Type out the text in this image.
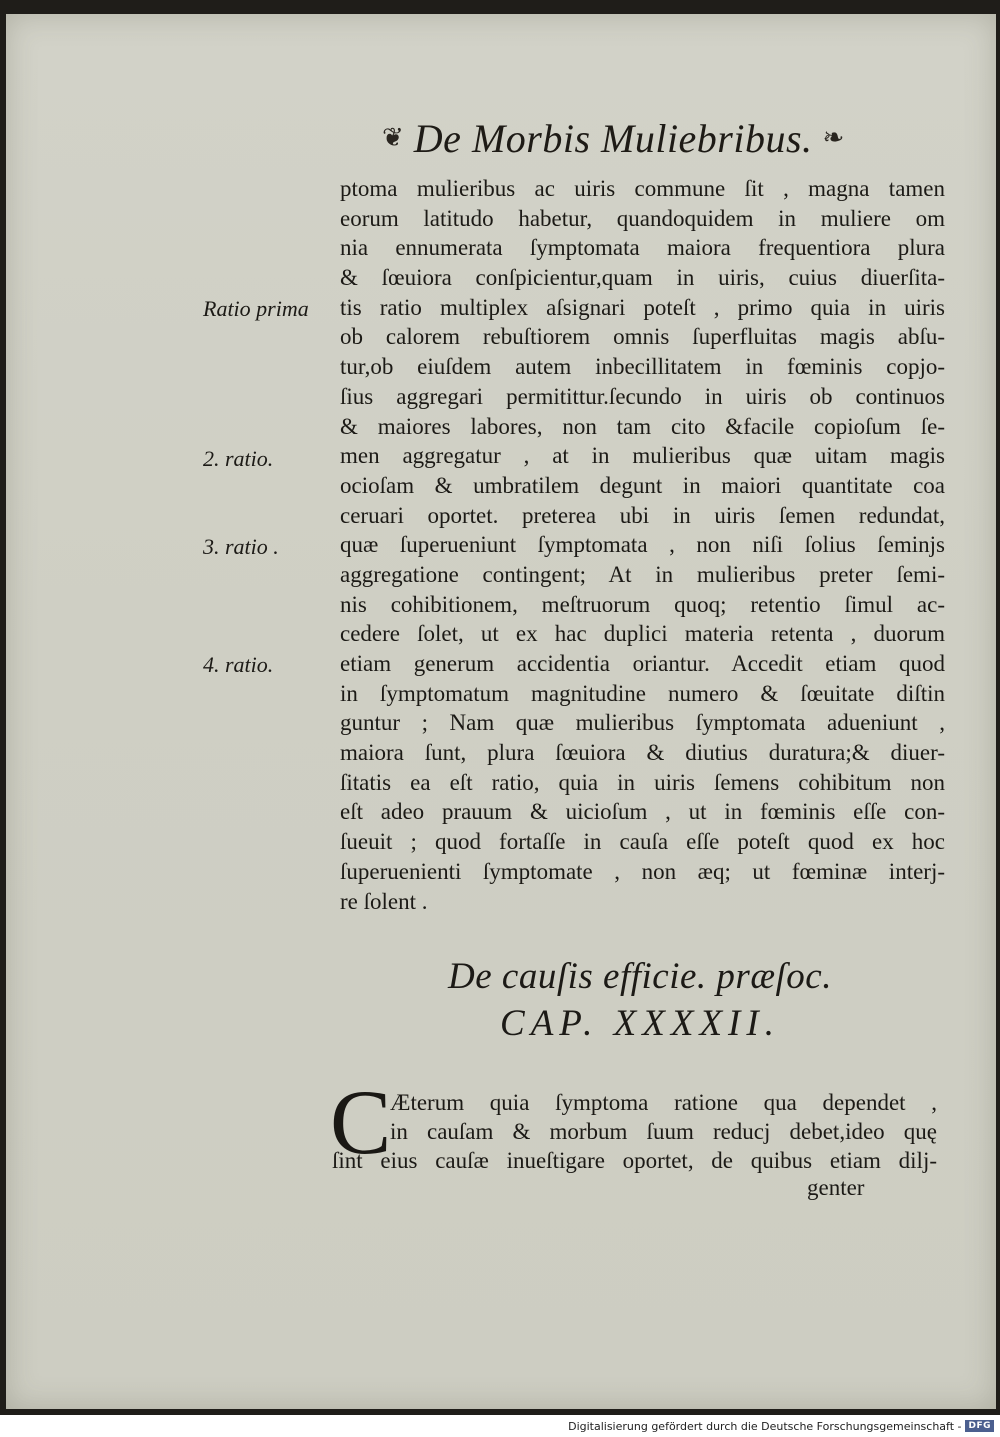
❦ De Morbis Muliebribus. ❧
ptoma mulieribus ac uiris commune ſit , magna tamen
eorum latitudo habetur, quandoquidem in muliere om
nia ennumerata ſymptomata maiora frequentiora plura
& ſœuiora conſpicientur,quam in uiris, cuius diuerſita-
tis ratio multiplex aſsignari poteſt , primo quia in uiris
ob calorem rebuſtiorem omnis ſuperfluitas magis abſu-
tur,ob eiuſdem autem inbecillitatem in fœminis copjo-
ſius aggregari permitittur.ſecundo in uiris ob continuos
& maiores labores, non tam cito &facile copioſum ſe-
men aggregatur , at in mulieribus quæ uitam magis
ocioſam & umbratilem degunt in maiori quantitate coa
ceruari oportet. preterea ubi in uiris ſemen redundat,
quæ ſuperueniunt ſymptomata , non niſi ſolius ſeminjs
aggregatione contingent; At in mulieribus preter ſemi-
nis cohibitionem, meſtruorum quoq; retentio ſimul ac-
cedere ſolet, ut ex hac duplici materia retenta , duorum
etiam generum accidentia oriantur. Accedit etiam quod
in ſymptomatum magnitudine numero & ſœuitate diſtin
guntur ; Nam quæ mulieribus ſymptomata adueniunt ,
maiora ſunt, plura ſœuiora & diutius duratura;& diuer-
ſitatis ea eſt ratio, quia in uiris ſemens cohibitum non
eſt adeo prauum & uicioſum , ut in fœminis eſſe con-
ſueuit ; quod fortaſſe in cauſa eſſe poteſt quod ex hoc
ſuperuenienti ſymptomate , non æq; ut fœminæ interj-
re ſolent .
Ratio prima
2. ratio.
3. ratio .
4. ratio.
De cauſis efficie. præſoc.
CAP. XXXXII.
C
Æterum quia ſymptoma ratione qua dependet ,
in cauſam & morbum ſuum reducj debet,ideo quę
ſint eius cauſæ inueſtigare oportet, de quibus etiam dilj-
genter
Digitalisierung gefördert durch die Deutsche Forschungsgemeinschaft - DFG
